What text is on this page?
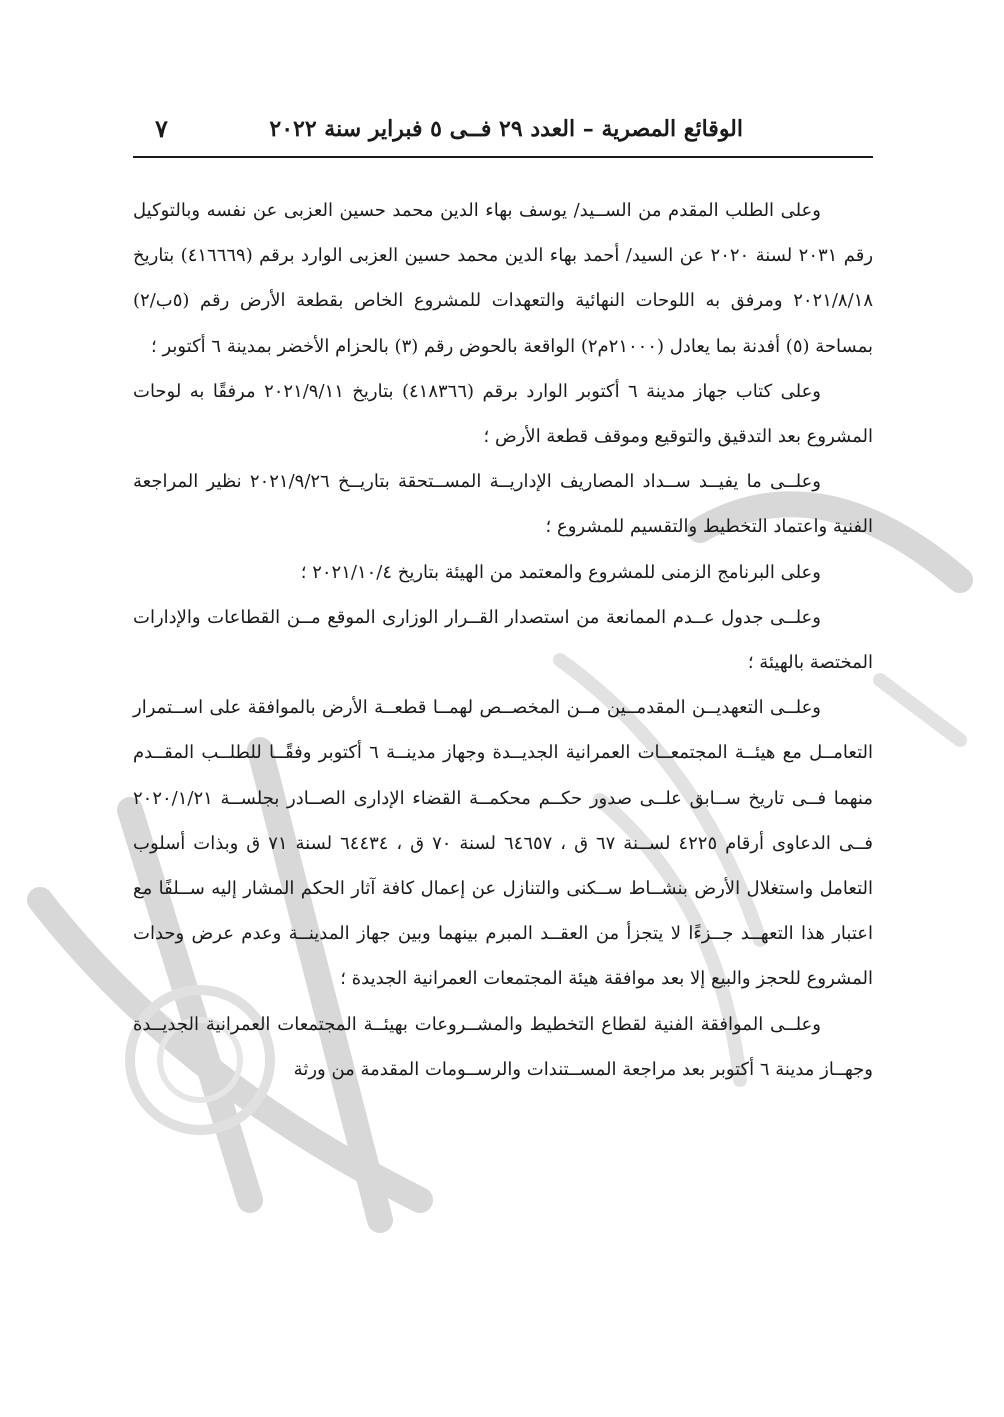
الوقائع المصرية – العدد ٢٩ فــى ٥ فبراير سنة ٢٠٢٢
٧

وعلى الطلب المقدم من الســيد/ يوسف بهاء الدين محمد حسين العزبى عن نفسه وبالتوكيل رقم ٢٠٣١ لسنة ٢٠٢٠ عن السيد/ أحمد بهاء الدين محمد حسين العزبى الوارد برقم (٤١٦٦٦٩) بتاريخ ٢٠٢١/٨/١٨ ومرفق به اللوحات النهائية والتعهدات للمشروع الخاص بقطعة الأرض رقم (٥ب/٢) بمساحة (٥) أفدنة بما يعادل (٢١٠٠٠م٢) الواقعة بالحوض رقم (٣) بالحزام الأخضر بمدينة ٦ أكتوبر ؛

وعلى كتاب جهاز مدينة ٦ أكتوبر الوارد برقم (٤١٨٣٦٦) بتاريخ ٢٠٢١/٩/١١ مرفقًا به لوحات المشروع بعد التدقيق والتوقيع وموقف قطعة الأرض ؛

وعلــى ما يفيــد ســداد المصاريف الإداريــة المســتحقة بتاريــخ ٢٠٢١/٩/٢٦ نظير المراجعة الفنية واعتماد التخطيط والتقسيم للمشروع ؛

وعلى البرنامج الزمنى للمشروع والمعتمد من الهيئة بتاريخ ٢٠٢١/١٠/٤ ؛

وعلــى جدول عــدم الممانعة من استصدار القــرار الوزارى الموقع مــن القطاعات والإدارات المختصة بالهيئة ؛

وعلــى التعهديــن المقدمــين مــن المخصــص لهمــا قطعــة الأرض بالموافقة على اســتمرار التعامــل مع هيئــة المجتمعــات العمرانية الجديــدة وجهاز مدينــة ٦ أكتوبر وفقًــا للطلــب المقــدم منهما فــى تاريخ ســابق علــى صدور حكــم محكمــة القضاء الإدارى الصــادر بجلســة ٢٠٢٠/١/٢١ فــى الدعاوى أرقام ٤٢٢٥ لســنة ٦٧ ق ، ٦٤٦٥٧ لسنة ٧٠ ق ، ٦٤٤٣٤ لسنة ٧١ ق وبذات أسلوب التعامل واستغلال الأرض بنشــاط ســكنى والتنازل عن إعمال كافة آثار الحكم المشار إليه ســلفًا مع اعتبار هذا التعهــد جــزءًا لا يتجزأ من العقــد المبرم بينهما وبين جهاز المدينــة وعدم عرض وحدات المشروع للحجز والبيع إلا بعد موافقة هيئة المجتمعات العمرانية الجديدة ؛

وعلــى الموافقة الفنية لقطاع التخطيط والمشــروعات بهيئــة المجتمعات العمرانية الجديــدة وجهــاز مدينة ٦ أكتوبر بعد مراجعة المســتندات والرســومات المقدمة من ورثة
